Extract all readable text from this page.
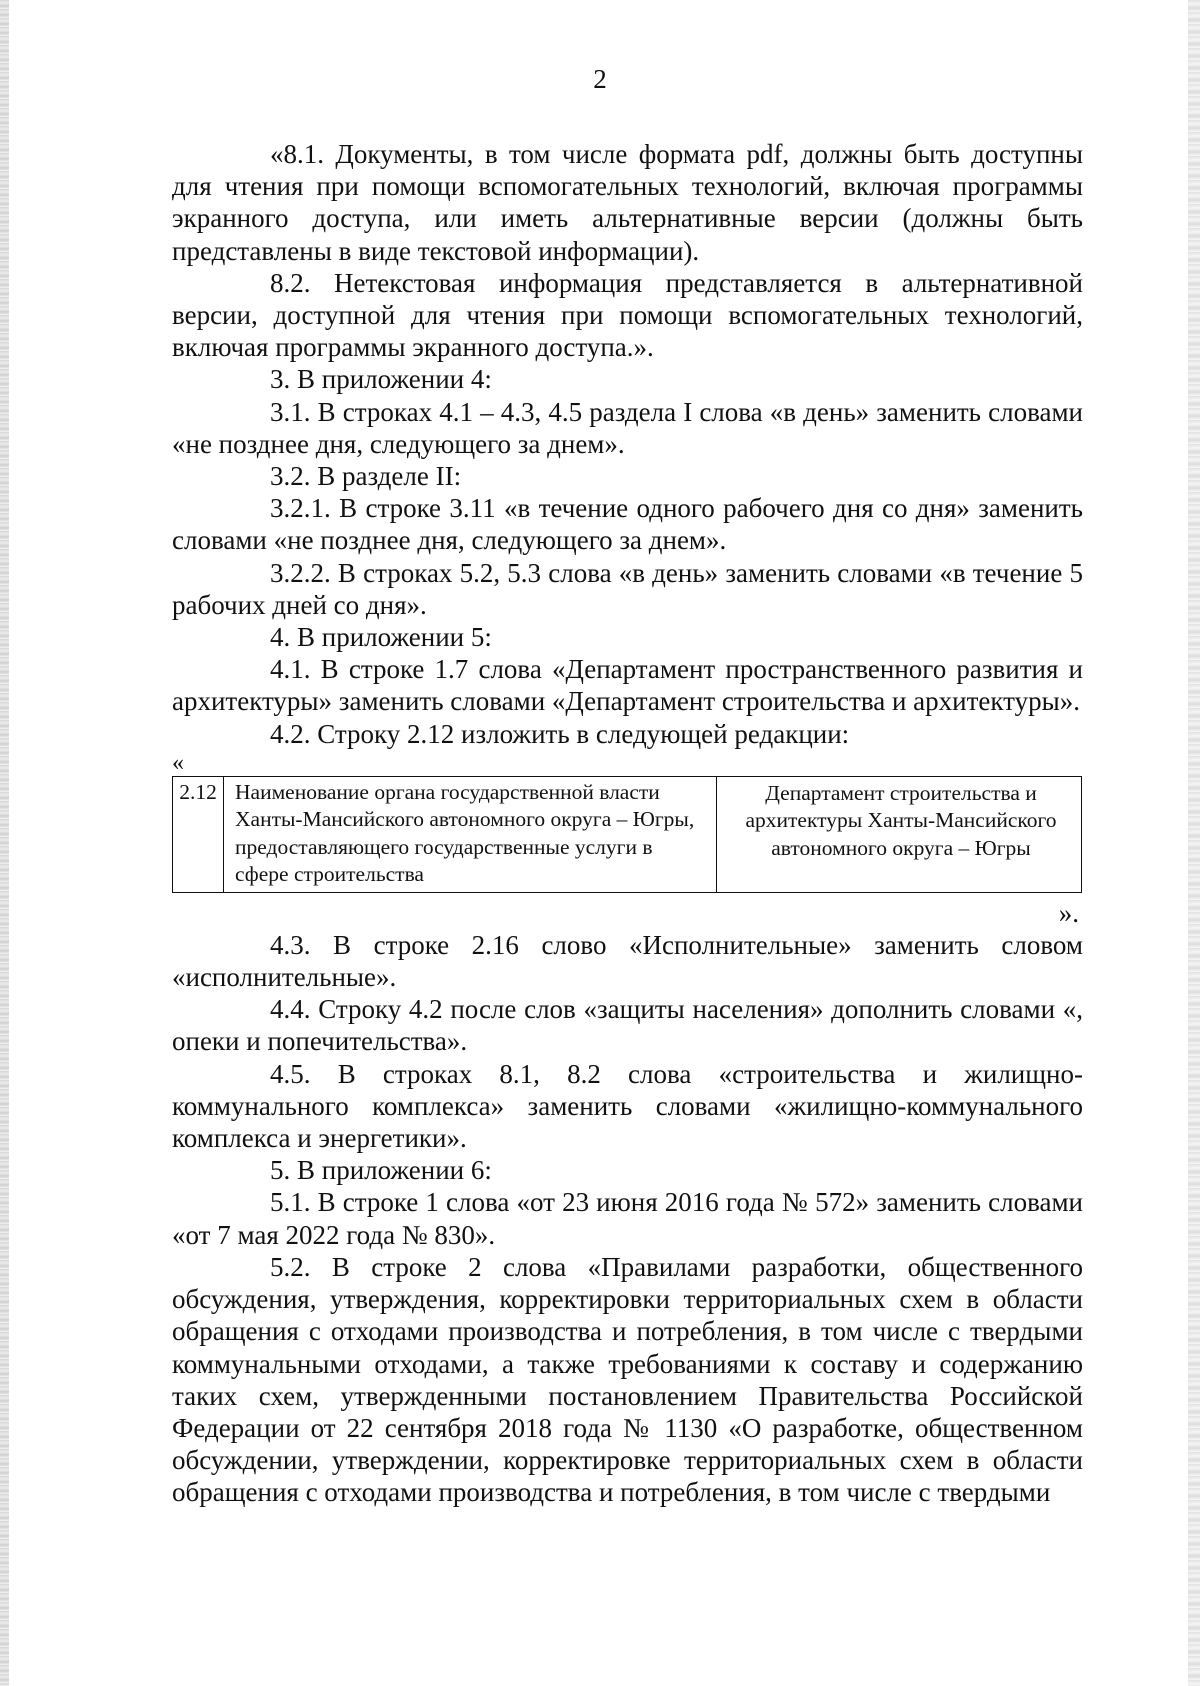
2

«8.1. Документы, в том числе формата pdf, должны быть доступны для чтения при помощи вспомогательных технологий, включая программы экранного доступа, или иметь альтернативные версии (должны быть представлены в виде текстовой информации).

8.2. Нетекстовая информация представляется в альтернативной версии, доступной для чтения при помощи вспомогательных технологий, включая программы экранного доступа.».

3. В приложении 4:

3.1. В строках 4.1 – 4.3, 4.5 раздела I слова «в день» заменить словами «не позднее дня, следующего за днем».

3.2. В разделе II:

3.2.1. В строке 3.11 «в течение одного рабочего дня со дня» заменить словами «не позднее дня, следующего за днем».

3.2.2. В строках 5.2, 5.3 слова «в день» заменить словами «в течение 5 рабочих дней со дня».

4. В приложении 5:

4.1. В строке 1.7 слова «Департамент пространственного развития и архитектуры» заменить словами «Департамент строительства и архитектуры».

4.2. Строку 2.12 изложить в следующей редакции:

«
2.12	Наименование органа государственной власти Ханты-Мансийского автономного округа – Югры, предоставляющего государственные услуги в сфере строительства	Департамент строительства и архитектуры Ханты-Мансийского автономного округа – Югры
».

4.3. В строке 2.16 слово «Исполнительные» заменить словом «исполнительные».

4.4. Строку 4.2 после слов «защиты населения» дополнить словами «, опеки и попечительства».

4.5. В строках 8.1, 8.2 слова «строительства и жилищно-коммунального комплекса» заменить словами «жилищно-коммунального комплекса и энергетики».

5. В приложении 6:

5.1. В строке 1 слова «от 23 июня 2016 года № 572» заменить словами «от 7 мая 2022 года № 830».

5.2. В строке 2 слова «Правилами разработки, общественного обсуждения, утверждения, корректировки территориальных схем в области обращения с отходами производства и потребления, в том числе с твердыми коммунальными отходами, а также требованиями к составу и содержанию таких схем, утвержденными постановлением Правительства Российской Федерации от 22 сентября 2018 года № 1130 «О разработке, общественном обсуждении, утверждении, корректировке территориальных схем в области обращения с отходами производства и потребления, в том числе с твердыми
